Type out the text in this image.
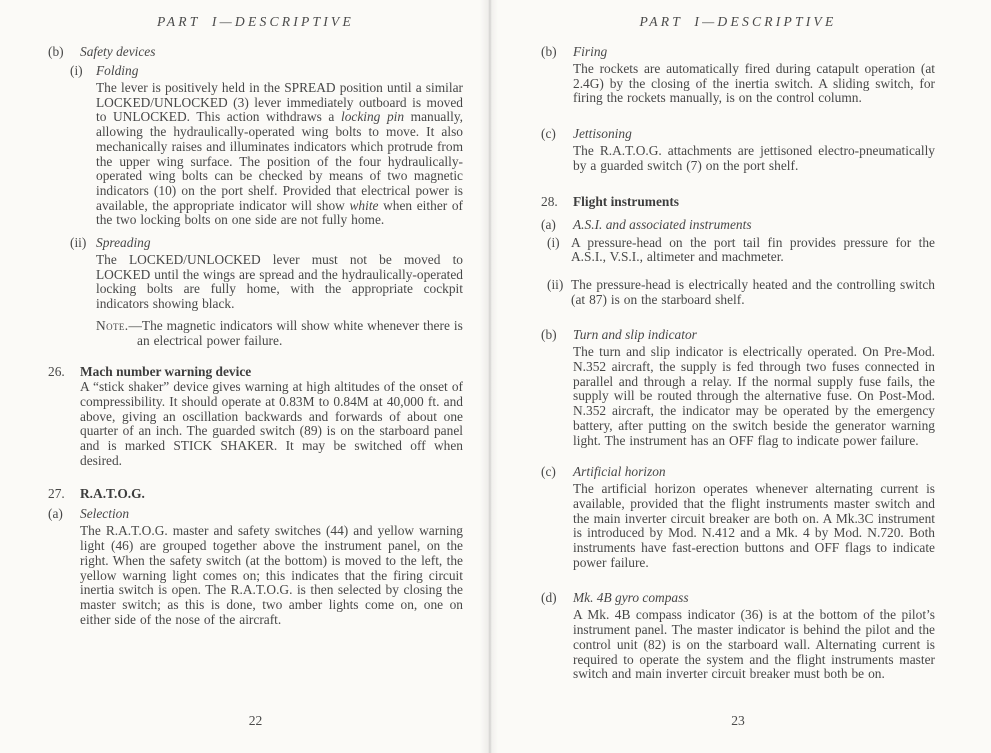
PART I—DESCRIPTIVE
(b)	Safety devices
(i) Folding

The lever is positively held in the SPREAD position until a similar LOCKED/UNLOCKED (3) lever immediately outboard is moved to UNLOCKED. This action withdraws a locking pin manually, allowing the hydraulically-operated wing bolts to move. It also mechanically raises and illuminates indicators which protrude from the upper wing surface. The position of the four hydraulically-operated wing bolts can be checked by means of two magnetic indicators (10) on the port shelf. Provided that electrical power is available, the appropriate indicator will show white when either of the two locking bolts on one side are not fully home.

(ii) Spreading

The LOCKED/UNLOCKED lever must not be moved to LOCKED until the wings are spread and the hydraulically-operated locking bolts are fully home, with the appropriate cockpit indicators showing black.

Note.—The magnetic indicators will show white whenever there is an electrical power failure.

26.	Mach number warning device

A “stick shaker” device gives warning at high altitudes of the onset of compressibility. It should operate at 0.83M to 0.84M at 40,000 ft. and above, giving an oscillation backwards and forwards of about one quarter of an inch. The guarded switch (89) is on the starboard panel and is marked STICK SHAKER. It may be switched off when desired.

27.	R.A.T.O.G.
(a)	Selection

The R.A.T.O.G. master and safety switches (44) and yellow warning light (46) are grouped together above the instrument panel, on the right. When the safety switch (at the bottom) is moved to the left, the yellow warning light comes on; this indicates that the firing circuit inertia switch is open. The R.A.T.O.G. is then selected by closing the master switch; as this is done, two amber lights come on, one on either side of the nose of the aircraft.

22
PART I—DESCRIPTIVE
(b)	Firing

The rockets are automatically fired during catapult operation (at 2.4G) by the closing of the inertia switch. A sliding switch, for firing the rockets manually, is on the control column.

(c)	Jettisoning

The R.A.T.O.G. attachments are jettisoned electro-pneumatically by a guarded switch (7) on the port shelf.

28.	Flight instruments
(a)	A.S.I. and associated instruments
(i) A pressure-head on the port tail fin provides pressure for the A.S.I., V.S.I., altimeter and machmeter.

(ii) The pressure-head is electrically heated and the controlling switch (at 87) is on the starboard shelf.

(b)	Turn and slip indicator

The turn and slip indicator is electrically operated. On Pre-Mod. N.352 aircraft, the supply is fed through two fuses connected in parallel and through a relay. If the normal supply fuse fails, the supply will be routed through the alternative fuse. On Post-Mod. N.352 aircraft, the indicator may be operated by the emergency battery, after putting on the switch beside the generator warning light. The instrument has an OFF flag to indicate power failure.

(c)	Artificial horizon

The artificial horizon operates whenever alternating current is available, provided that the flight instruments master switch and the main inverter circuit breaker are both on. A Mk.3C instrument is introduced by Mod. N.412 and a Mk. 4 by Mod. N.720. Both instruments have fast-erection buttons and OFF flags to indicate power failure.

(d)	Mk. 4B gyro compass

A Mk. 4B compass indicator (36) is at the bottom of the pilot’s instrument panel. The master indicator is behind the pilot and the control unit (82) is on the starboard wall. Alternating current is required to operate the system and the flight instruments master switch and main inverter circuit breaker must both be on.

23
